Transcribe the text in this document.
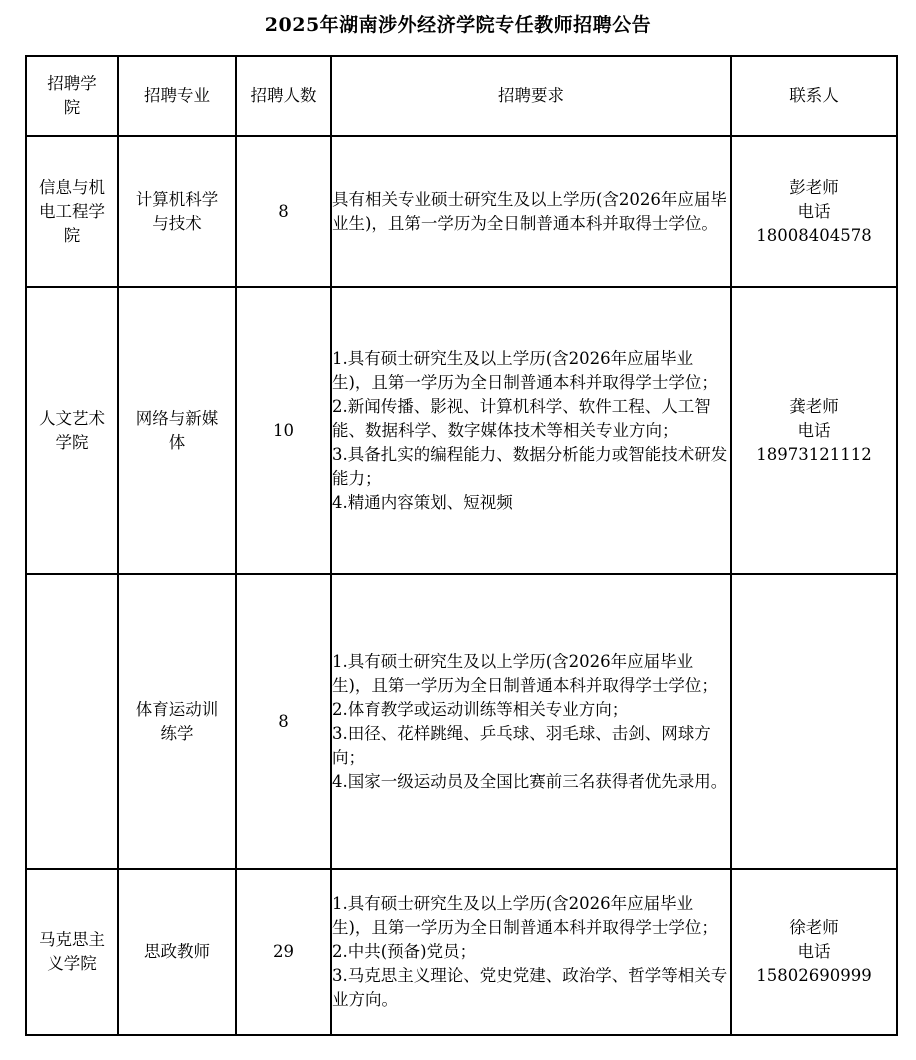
2025年湖南涉外经济学院专任教师招聘公告
招聘学院	招聘专业	招聘人数	招聘要求	联系人

信息与机电工程学院	计算机科学与技术	8	具有相关专业硕士研究生及以上学历(含2026年应届毕业生)，且第一学历为全日制普通本科并取得士学位。	彭老师
电话
18008404578

人文艺术学院	网络与新媒体	10	1.具有硕士研究生及以上学历(含2026年应届毕业生)，且第一学历为全日制普通本科并取得学士学位；
2.新闻传播、影视、计算机科学、软件工程、人工智能、数据科学、数字媒体技术等相关专业方向；
3.具备扎实的编程能力、数据分析能力或智能技术研发能力；
4.精通内容策划、短视频	龚老师
电话
18973121112

	体育运动训练学	8	1.具有硕士研究生及以上学历(含2026年应届毕业生)，且第一学历为全日制普通本科并取得学士学位；
2.体育教学或运动训练等相关专业方向；
3.田径、花样跳绳、乒乓球、羽毛球、击剑、网球方向；
4.国家一级运动员及全国比赛前三名获得者优先录用。	

马克思主义学院	思政教师	29	1.具有硕士研究生及以上学历(含2026年应届毕业生)，且第一学历为全日制普通本科并取得学士学位；
2.中共(预备)党员；
3.马克思主义理论、党史党建、政治学、哲学等相关专业方向。	徐老师
电话
15802690999
